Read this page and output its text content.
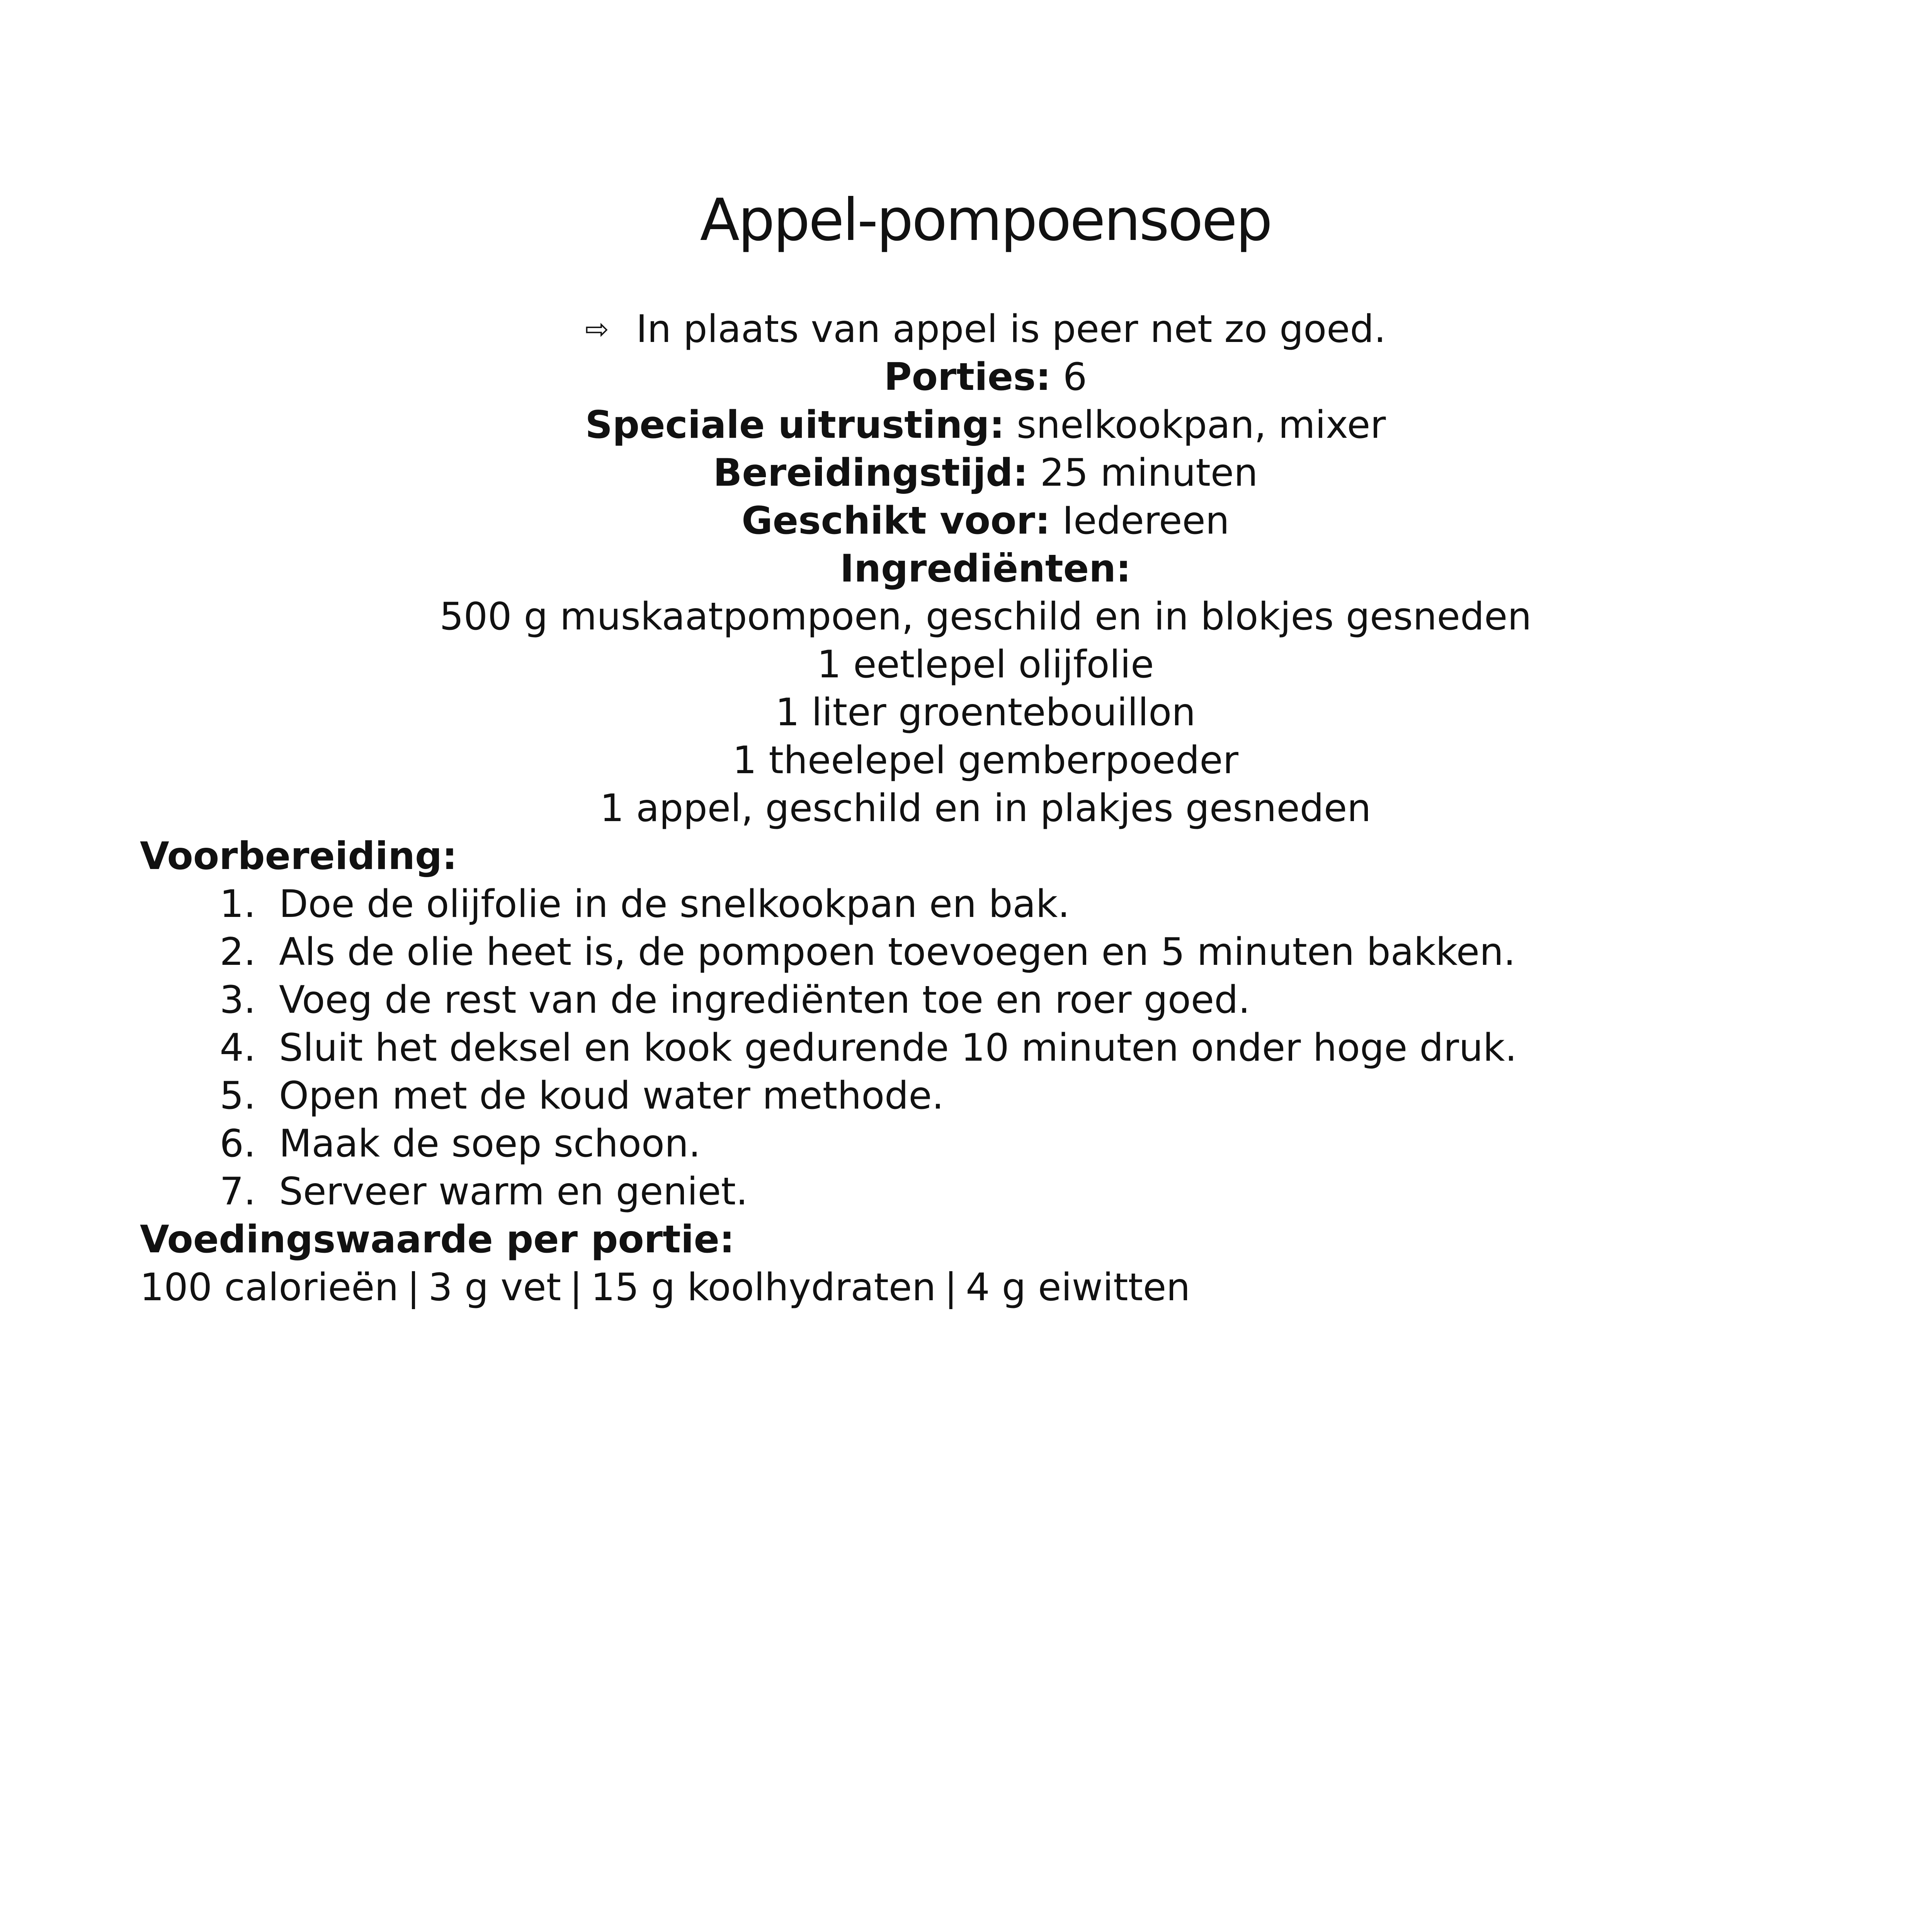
Appel-pompoensoep
⇨ In plaats van appel is peer net zo goed.
Porties: 6
Speciale uitrusting: snelkookpan, mixer
Bereidingstijd: 25 minuten
Geschikt voor: Iedereen
Ingrediënten:
500 g muskaatpompoen, geschild en in blokjes gesneden
1 eetlepel olijfolie
1 liter groentebouillon
1 theelepel gemberpoeder
1 appel, geschild en in plakjes gesneden
Voorbereiding:
1. Doe de olijfolie in de snelkookpan en bak.
2. Als de olie heet is, de pompoen toevoegen en 5 minuten bakken.
3. Voeg de rest van de ingrediënten toe en roer goed.
4. Sluit het deksel en kook gedurende 10 minuten onder hoge druk.
5. Open met de koud water methode.
6. Maak de soep schoon.
7. Serveer warm en geniet.
Voedingswaarde per portie:
100 calorieën | 3 g vet | 15 g koolhydraten | 4 g eiwitten
